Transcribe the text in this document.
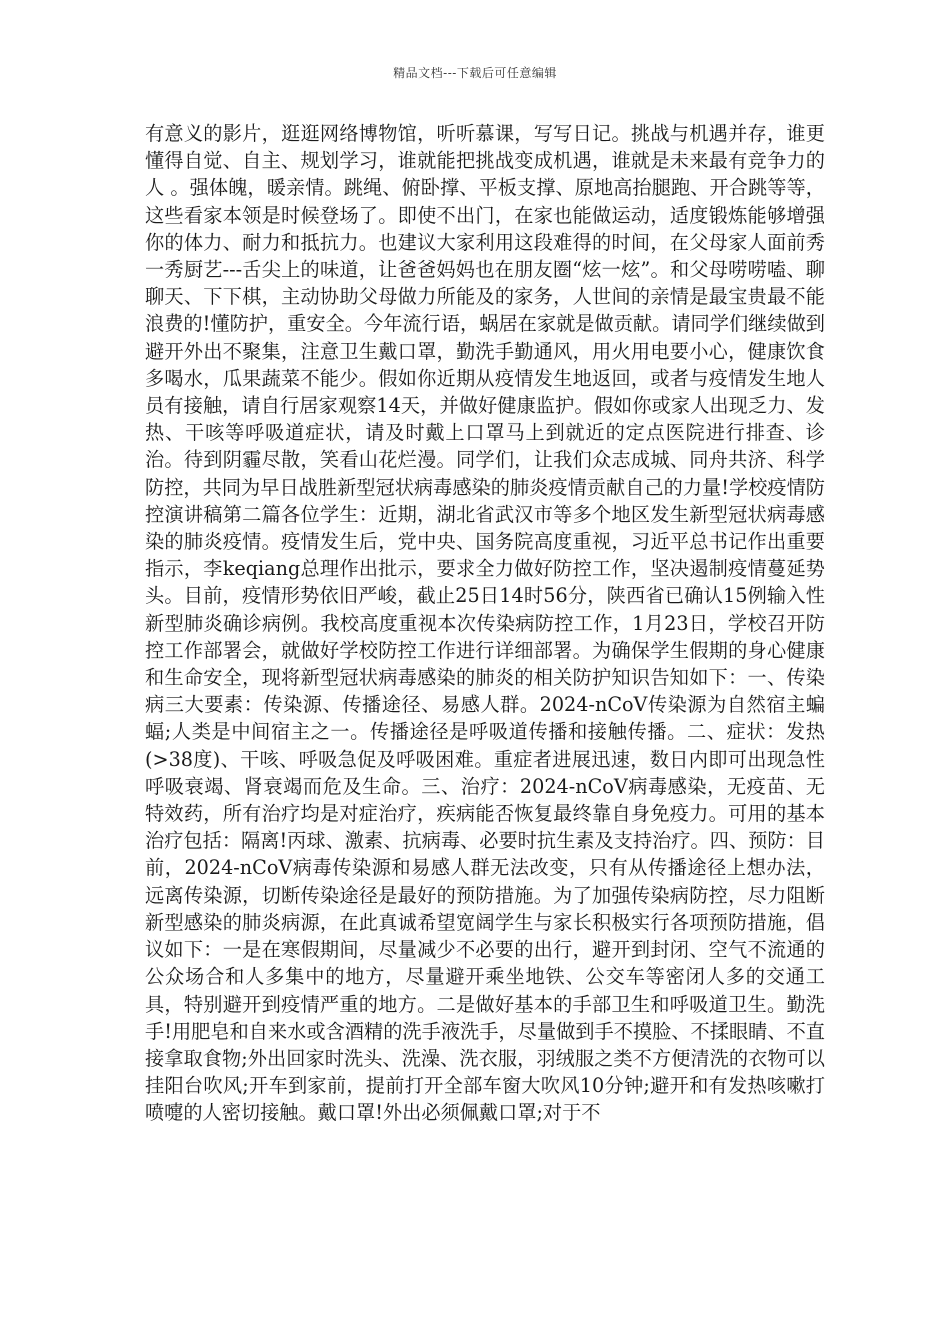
精品文档---下载后可任意编辑
有意义的影片，逛逛网络博物馆，听听慕课，写写日记。挑战与机遇并存，谁更懂得自觉、自主、规划学习，谁就能把挑战变成机遇，谁就是未来最有竞争力的人 。强体魄，暖亲情。跳绳、俯卧撑、平板支撑、原地高抬腿跑、开合跳等等，这些看家本领是时候登场了。即使不出门，在家也能做运动，适度锻炼能够增强你的体力、耐力和抵抗力。也建议大家利用这段难得的时间，在父母家人面前秀一秀厨艺---舌尖上的味道，让爸爸妈妈也在朋友圈“炫一炫”。和父母唠唠嗑、聊聊天、下下棋，主动协助父母做力所能及的家务，人世间的亲情是最宝贵最不能浪费的!懂防护，重安全。今年流行语，蜗居在家就是做贡献。请同学们继续做到避开外出不聚集，注意卫生戴口罩，勤洗手勤通风，用火用电要小心，健康饮食多喝水，瓜果蔬菜不能少。假如你近期从疫情发生地返回，或者与疫情发生地人员有接触，请自行居家观察14天，并做好健康监护。假如你或家人出现乏力、发热、干咳等呼吸道症状，请及时戴上口罩马上到就近的定点医院进行排查、诊治。待到阴霾尽散，笑看山花烂漫。同学们，让我们众志成城、同舟共济、科学防控，共同为早日战胜新型冠状病毒感染的肺炎疫情贡献自己的力量!学校疫情防控演讲稿第二篇各位学生：近期，湖北省武汉市等多个地区发生新型冠状病毒感染的肺炎疫情。疫情发生后，党中央、国务院高度重视，习近平总书记作出重要指示，李keqiang总理作出批示，要求全力做好防控工作，坚决遏制疫情蔓延势头。目前，疫情形势依旧严峻，截止25日14时56分，陕西省已确认15例输入性新型肺炎确诊病例。我校高度重视本次传染病防控工作，1月23日，学校召开防控工作部署会，就做好学校防控工作进行详细部署。为确保学生假期的身心健康和生命安全，现将新型冠状病毒感染的肺炎的相关防护知识告知如下：一、传染病三大要素：传染源、传播途径、易感人群。2024-nCoV传染源为自然宿主蝙蝠;人类是中间宿主之一。传播途径是呼吸道传播和接触传播。二、症状：发热(>38度)、干咳、呼吸急促及呼吸困难。重症者进展迅速，数日内即可出现急性呼吸衰竭、肾衰竭而危及生命。三、治疗：2024-nCoV病毒感染，无疫苗、无特效药，所有治疗均是对症治疗，疾病能否恢复最终靠自身免疫力。可用的基本治疗包括：隔离!丙球、激素、抗病毒、必要时抗生素及支持治疗。四、预防：目前，2024-nCoV病毒传染源和易感人群无法改变，只有从传播途径上想办法，远离传染源，切断传染途径是最好的预防措施。为了加强传染病防控，尽力阻断新型感染的肺炎病源，在此真诚希望宽阔学生与家长积极实行各项预防措施，倡议如下：一是在寒假期间，尽量减少不必要的出行，避开到封闭、空气不流通的公众场合和人多集中的地方，尽量避开乘坐地铁、公交车等密闭人多的交通工具，特别避开到疫情严重的地方。二是做好基本的手部卫生和呼吸道卫生。勤洗手!用肥皂和自来水或含酒精的洗手液洗手，尽量做到手不摸脸、不揉眼睛、不直接拿取食物;外出回家时洗头、洗澡、洗衣服，羽绒服之类不方便清洗的衣物可以挂阳台吹风;开车到家前，提前打开全部车窗大吹风10分钟;避开和有发热咳嗽打喷嚏的人密切接触。戴口罩!外出必须佩戴口罩;对于不
